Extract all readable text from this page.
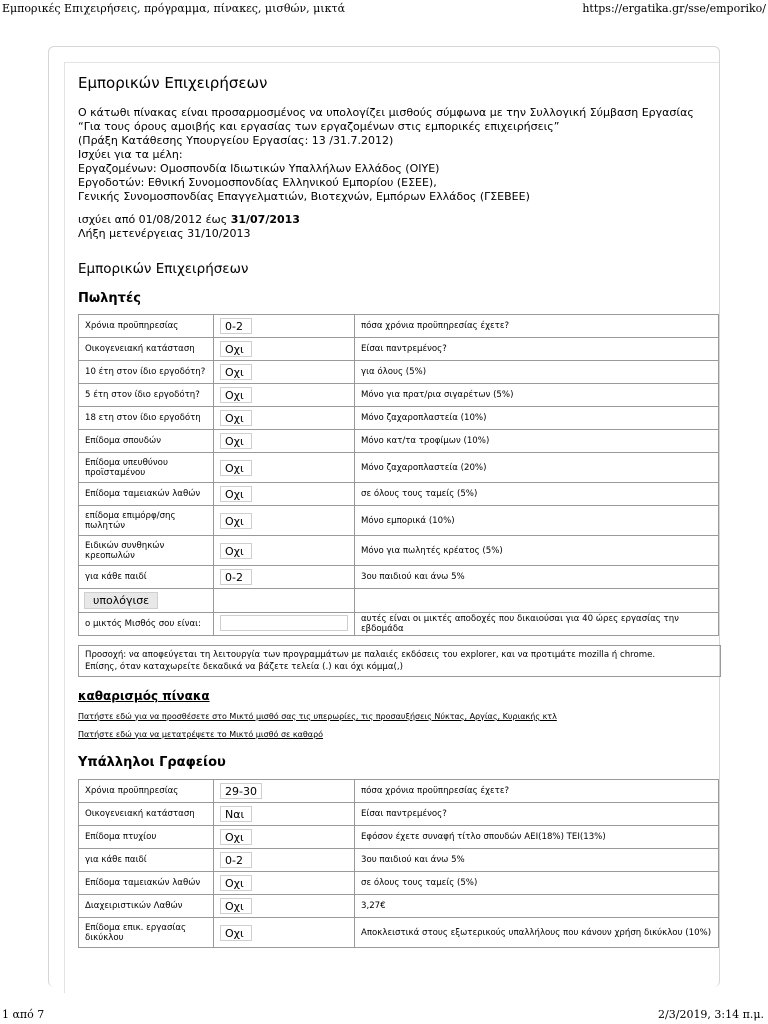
Εμπορικές Επιχειρήσεις, πρόγραμμα, πίνακες, μισθών, μικτά	https://ergatika.gr/sse/emporiko/
Εμπορικών Επιχειρήσεων

Ο κάτωθι πίνακας είναι προσαρμοσμένος να υπολογίζει μισθούς σύμφωνα με την Συλλογική Σύμβαση Εργασίας

“Για τους όρους αμοιβής και εργασίας των εργαζομένων στις εμπορικές επιχειρήσεις”

(Πράξη Κατάθεσης Υπουργείου Εργασίας: 13 /31.7.2012)

Ισχύει για τα μέλη:

Εργαζομένων: Ομοσπονδία Ιδιωτικών Υπαλλήλων Ελλάδος (ΟΙΥΕ)

Εργοδοτών: Εθνική Συνομοσπονδίας Ελληνικού Εμπορίου (ΕΣΕΕ),

Γενικής Συνομοσπονδίας Επαγγελματιών, Βιοτεχνών, Εμπόρων Ελλάδος (ΓΣΕΒΕΕ)

ισχύει από 01/08/2012 έως 31/07/2013

Λήξη μετενέργειας 31/10/2013

Εμπορικών Επιχειρήσεων
Πωλητές
Χρόνια προϋπηρεσίας	0-2	πόσα χρόνια προϋπηρεσίας έχετε?
Οικογενειακή κατάσταση	Οχι	Είσαι παντρεμένος?
10 έτη στον ίδιο εργοδότη?	Οχι	για όλους (5%)
5 έτη στον ίδιο εργοδότη?	Οχι	Μόνο για πρατ/ρια σιγαρέτων (5%)
18 ετη στον ίδιο εργοδότη	Οχι	Μόνο ζαχαροπλαστεία (10%)
Επίδομα σπουδών	Οχι	Μόνο κατ/τα τροφίμων (10%)
Επίδομα υπευθύνου προϊσταμένου	Οχι	Μόνο ζαχαροπλαστεία (20%)
Επίδομα ταμειακών λαθών	Οχι	σε όλους τους ταμείς (5%)
επίδομα επιμόρφ/σης πωλητών	Οχι	Μόνο εμπορικά (10%)
Ειδικών συνθηκών κρεοπωλών	Οχι	Μόνο για πωλητές κρέατος (5%)
για κάθε παιδί	0-2	3ου παιδιού και άνω 5%
υπολόγισε		
ο μικτός Μισθός σου είναι:		αυτές είναι οι μικτές αποδοχές που δικαιούσαι για 40 ώρες εργασίας την εβδομάδα
Προσοχή: να αποφεύγεται τη λειτουργία των προγραμμάτων με παλαιές εκδόσεις του explorer, και να προτιμάτε mozilla ή chrome.
Επίσης, όταν καταχωρείτε δεκαδικά να βάζετε τελεία (.) και όχι κόμμα(,)
καθαρισμός πίνακα
Πατήστε εδώ για να προσθέσετε στο Μικτό μισθό σας τις υπερωρίες, τις προσαυξήσεις Νύκτας, Αργίας, Κυριακής κτλ
Πατήστε εδώ για να μετατρέψετε το Μικτό μισθό σε καθαρό
Υπάλληλοι Γραφείου
Χρόνια προϋπηρεσίας	29-30	πόσα χρόνια προϋπηρεσίας έχετε?
Οικογενειακή κατάσταση	Ναι	Είσαι παντρεμένος?
Επίδομα πτυχίου	Οχι	Εφόσον έχετε συναφή τίτλο σπουδών ΑΕΙ(18%) ΤΕΙ(13%)
για κάθε παιδί	0-2	3ου παιδιού και άνω 5%
Επίδομα ταμειακών λαθών	Οχι	σε όλους τους ταμείς (5%)
Διαχειριστικών Λαθών	Οχι	3,27€
Επίδομα επικ. εργασίας δικύκλου	Οχι	Αποκλειστικά στους εξωτερικούς υπαλλήλους που κάνουν χρήση δικύκλου (10%)
1 από 7	2/3/2019, 3:14 π.μ.
